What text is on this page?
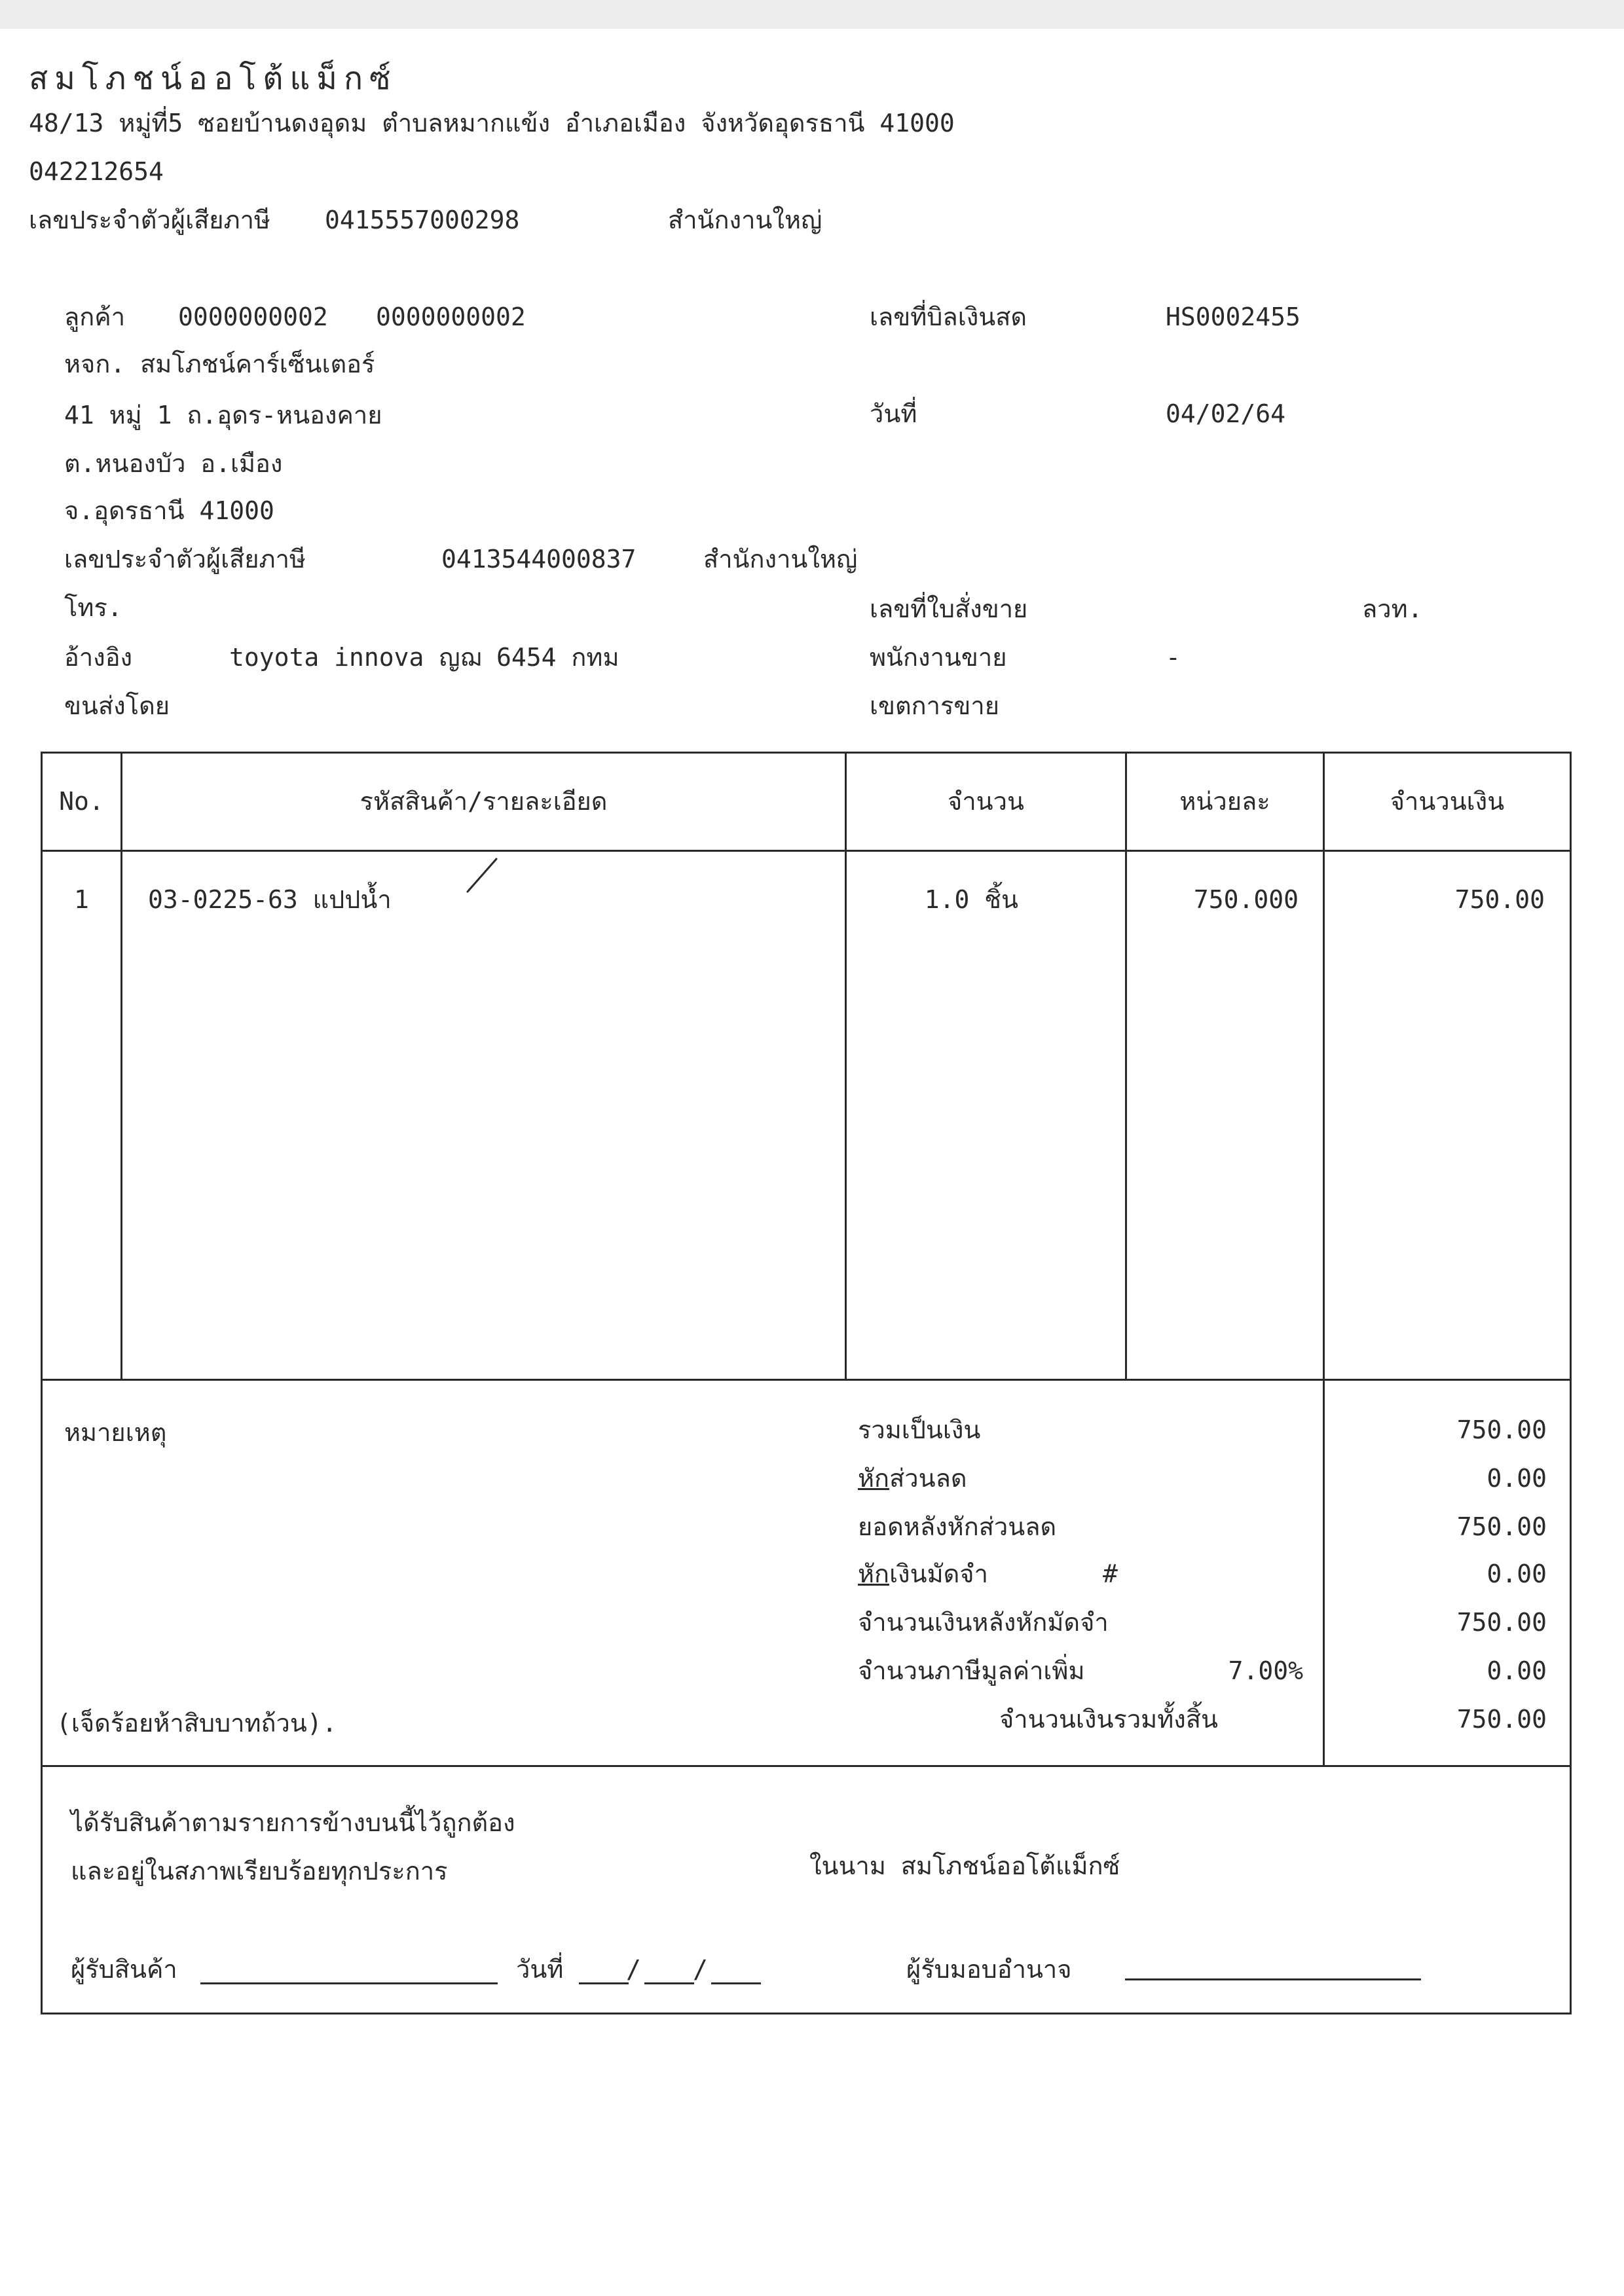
สมโภชน์ออโต้แม็กซ์
48/13 หมู่ที่5 ซอยบ้านดงอุดม ตำบลหมากแข้ง อำเภอเมือง จังหวัดอุดรธานี 41000
042212654
เลขประจำตัวผู้เสียภาษี 0415557000298	สำนักงานใหญ่
ลูกค้า 0000000002 0000000002
หจก. สมโภชน์คาร์เซ็นเตอร์
41 หมู่ 1 ถ.อุดร-หนองคาย
ต.หนองบัว อ.เมือง
จ.อุดรธานี 41000
เลขประจำตัวผู้เสียภาษี	0413544000837	สำนักงานใหญ่
โทร.
อ้างอิง	toyota innova ญฌ 6454 กทม
ขนส่งโดย
เลขที่บิลเงินสด	HS0002455
วันที่	04/02/64
เลขที่ใบสั่งขาย	ลวท.
พนักงานขาย	-
เขตการขาย
No.	รหัสสินค้า/รายละเอียด	จำนวน	หน่วยละ	จำนวนเงิน
1	03-0225-63 แปปน้ำ	1.0 ชิ้น	750.000	750.00
หมายเหตุ
(เจ็ดร้อยห้าสิบบาทถ้วน).
รวมเป็นเงิน	750.00
หักส่วนลด	0.00
ยอดหลังหักส่วนลด	750.00
หักเงินมัดจำ	#	0.00
จำนวนเงินหลังหักมัดจำ	750.00
จำนวนภาษีมูลค่าเพิ่ม	7.00%	0.00
จำนวนเงินรวมทั้งสิ้น	750.00
ได้รับสินค้าตามรายการข้างบนนี้ไว้ถูกต้อง
และอยู่ในสภาพเรียบร้อยทุกประการ	ในนาม สมโภชน์ออโต้แม็กซ์
ผู้รับสินค้า	วันที่	/ /	ผู้รับมอบอำนาจ
